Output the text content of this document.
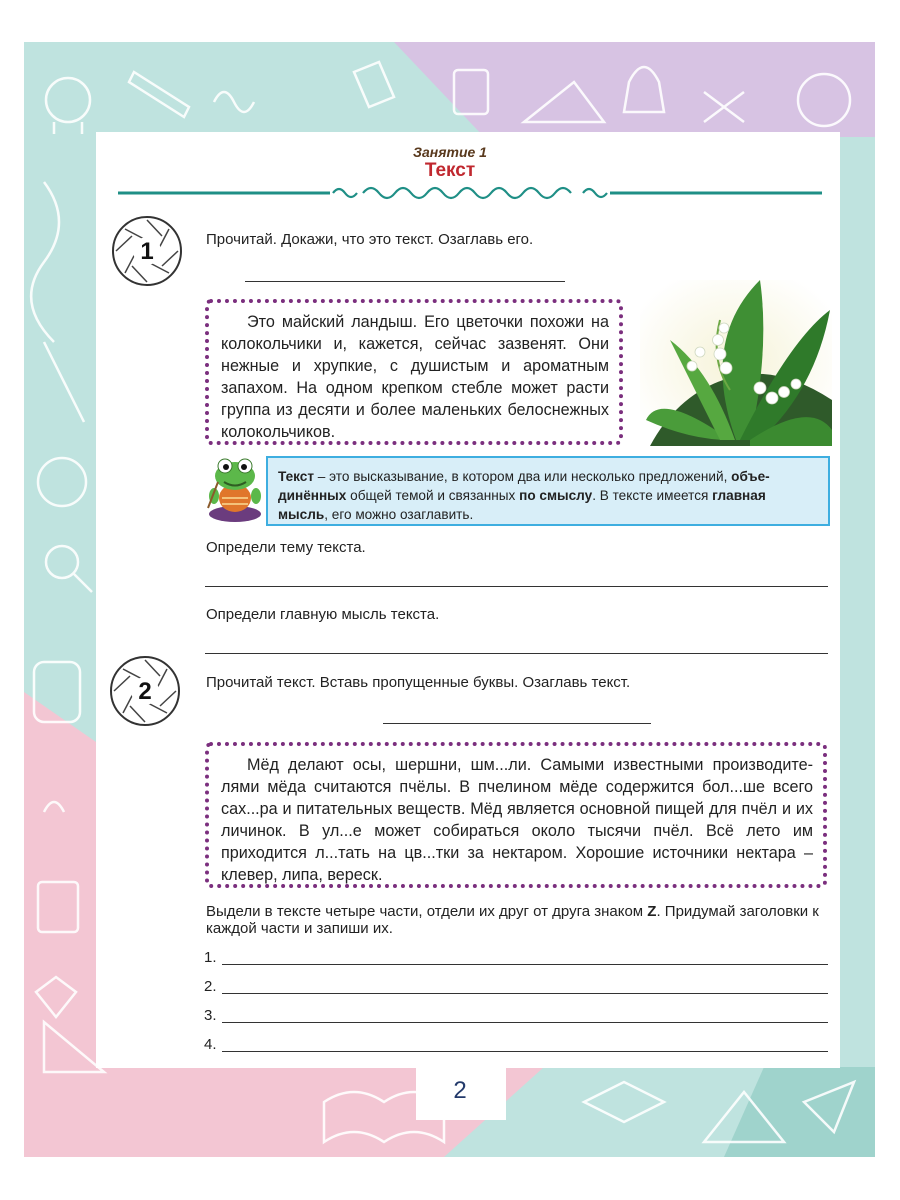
Занятие 1
Текст
1	Прочитай. Докажи, что это текст. Озаглавь его.

Это майский ландыш. Его цветочки похожи на колокольчики и, кажется, сейчас зазвенят. Они нежные и хрупкие, с душистым и ароматным запахом. На одном крепком стебле может расти группа из десяти и более маленьких белоснежных колокольчиков.

Текст – это высказывание, в котором два или несколько предложений, объединённых общей темой и связанных по смыслу. В тексте имеется главная мысль, его можно озаглавить.
Определи тему текста.
Определи главную мысль текста.
2	Прочитай текст. Вставь пропущенные буквы. Озаглавь текст.

Мёд делают осы, шершни, шм...ли. Самыми известными производителями мёда считаются пчёлы. В пчелином мёде содержится бол...ше всего сах...ра и питательных веществ. Мёд является основной пищей для пчёл и их личинок. В ул...е может собираться около тысячи пчёл. Всё лето им приходится л...тать на цв...тки за нектаром. Хорошие источники нектара – клевер, липа, вереск.

Выдели в тексте четыре части, отдели их друг от друга знаком Z. Придумай заголовки к каждой части и запиши их.
1.
2.
3.
4.
2
